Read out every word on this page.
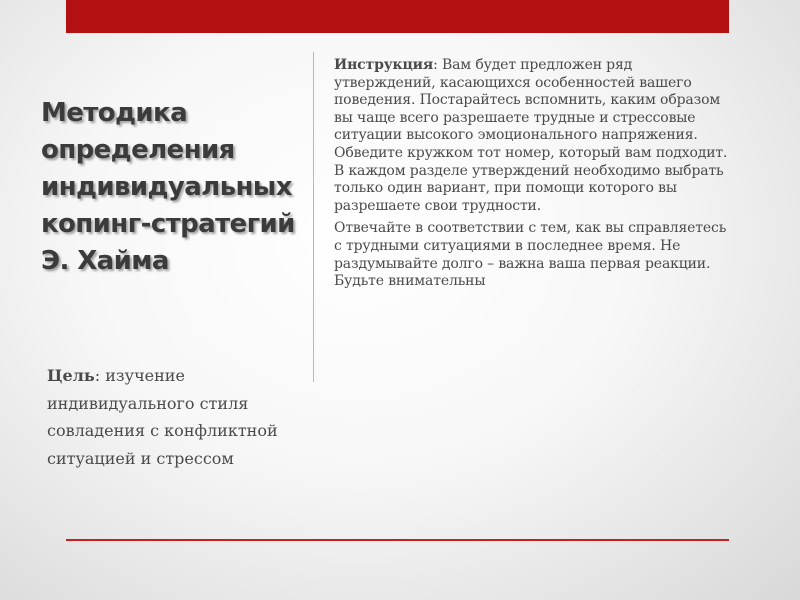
Методика
определения
индивидуальных
копинг-стратегий
Э. Хайма

Цель: изучение индивидуального стиля совладения с конфликтной ситуацией и стрессом

Инструкция: Вам будет предложен ряд утверждений, касающихся особенностей вашего поведения. Постарайтесь вспомнить, каким образом вы чаще всего разрешаете трудные и стрессовые ситуации высокого эмоционального напряжения. Обведите кружком тот номер, который вам подходит. В каждом разделе утверждений необходимо выбрать только один вариант, при помощи которого вы разрешаете свои трудности.

Отвечайте в соответствии с тем, как вы справляетесь с трудными ситуациями в последнее время. Не раздумывайте долго – важна ваша первая реакции. Будьте внимательны
